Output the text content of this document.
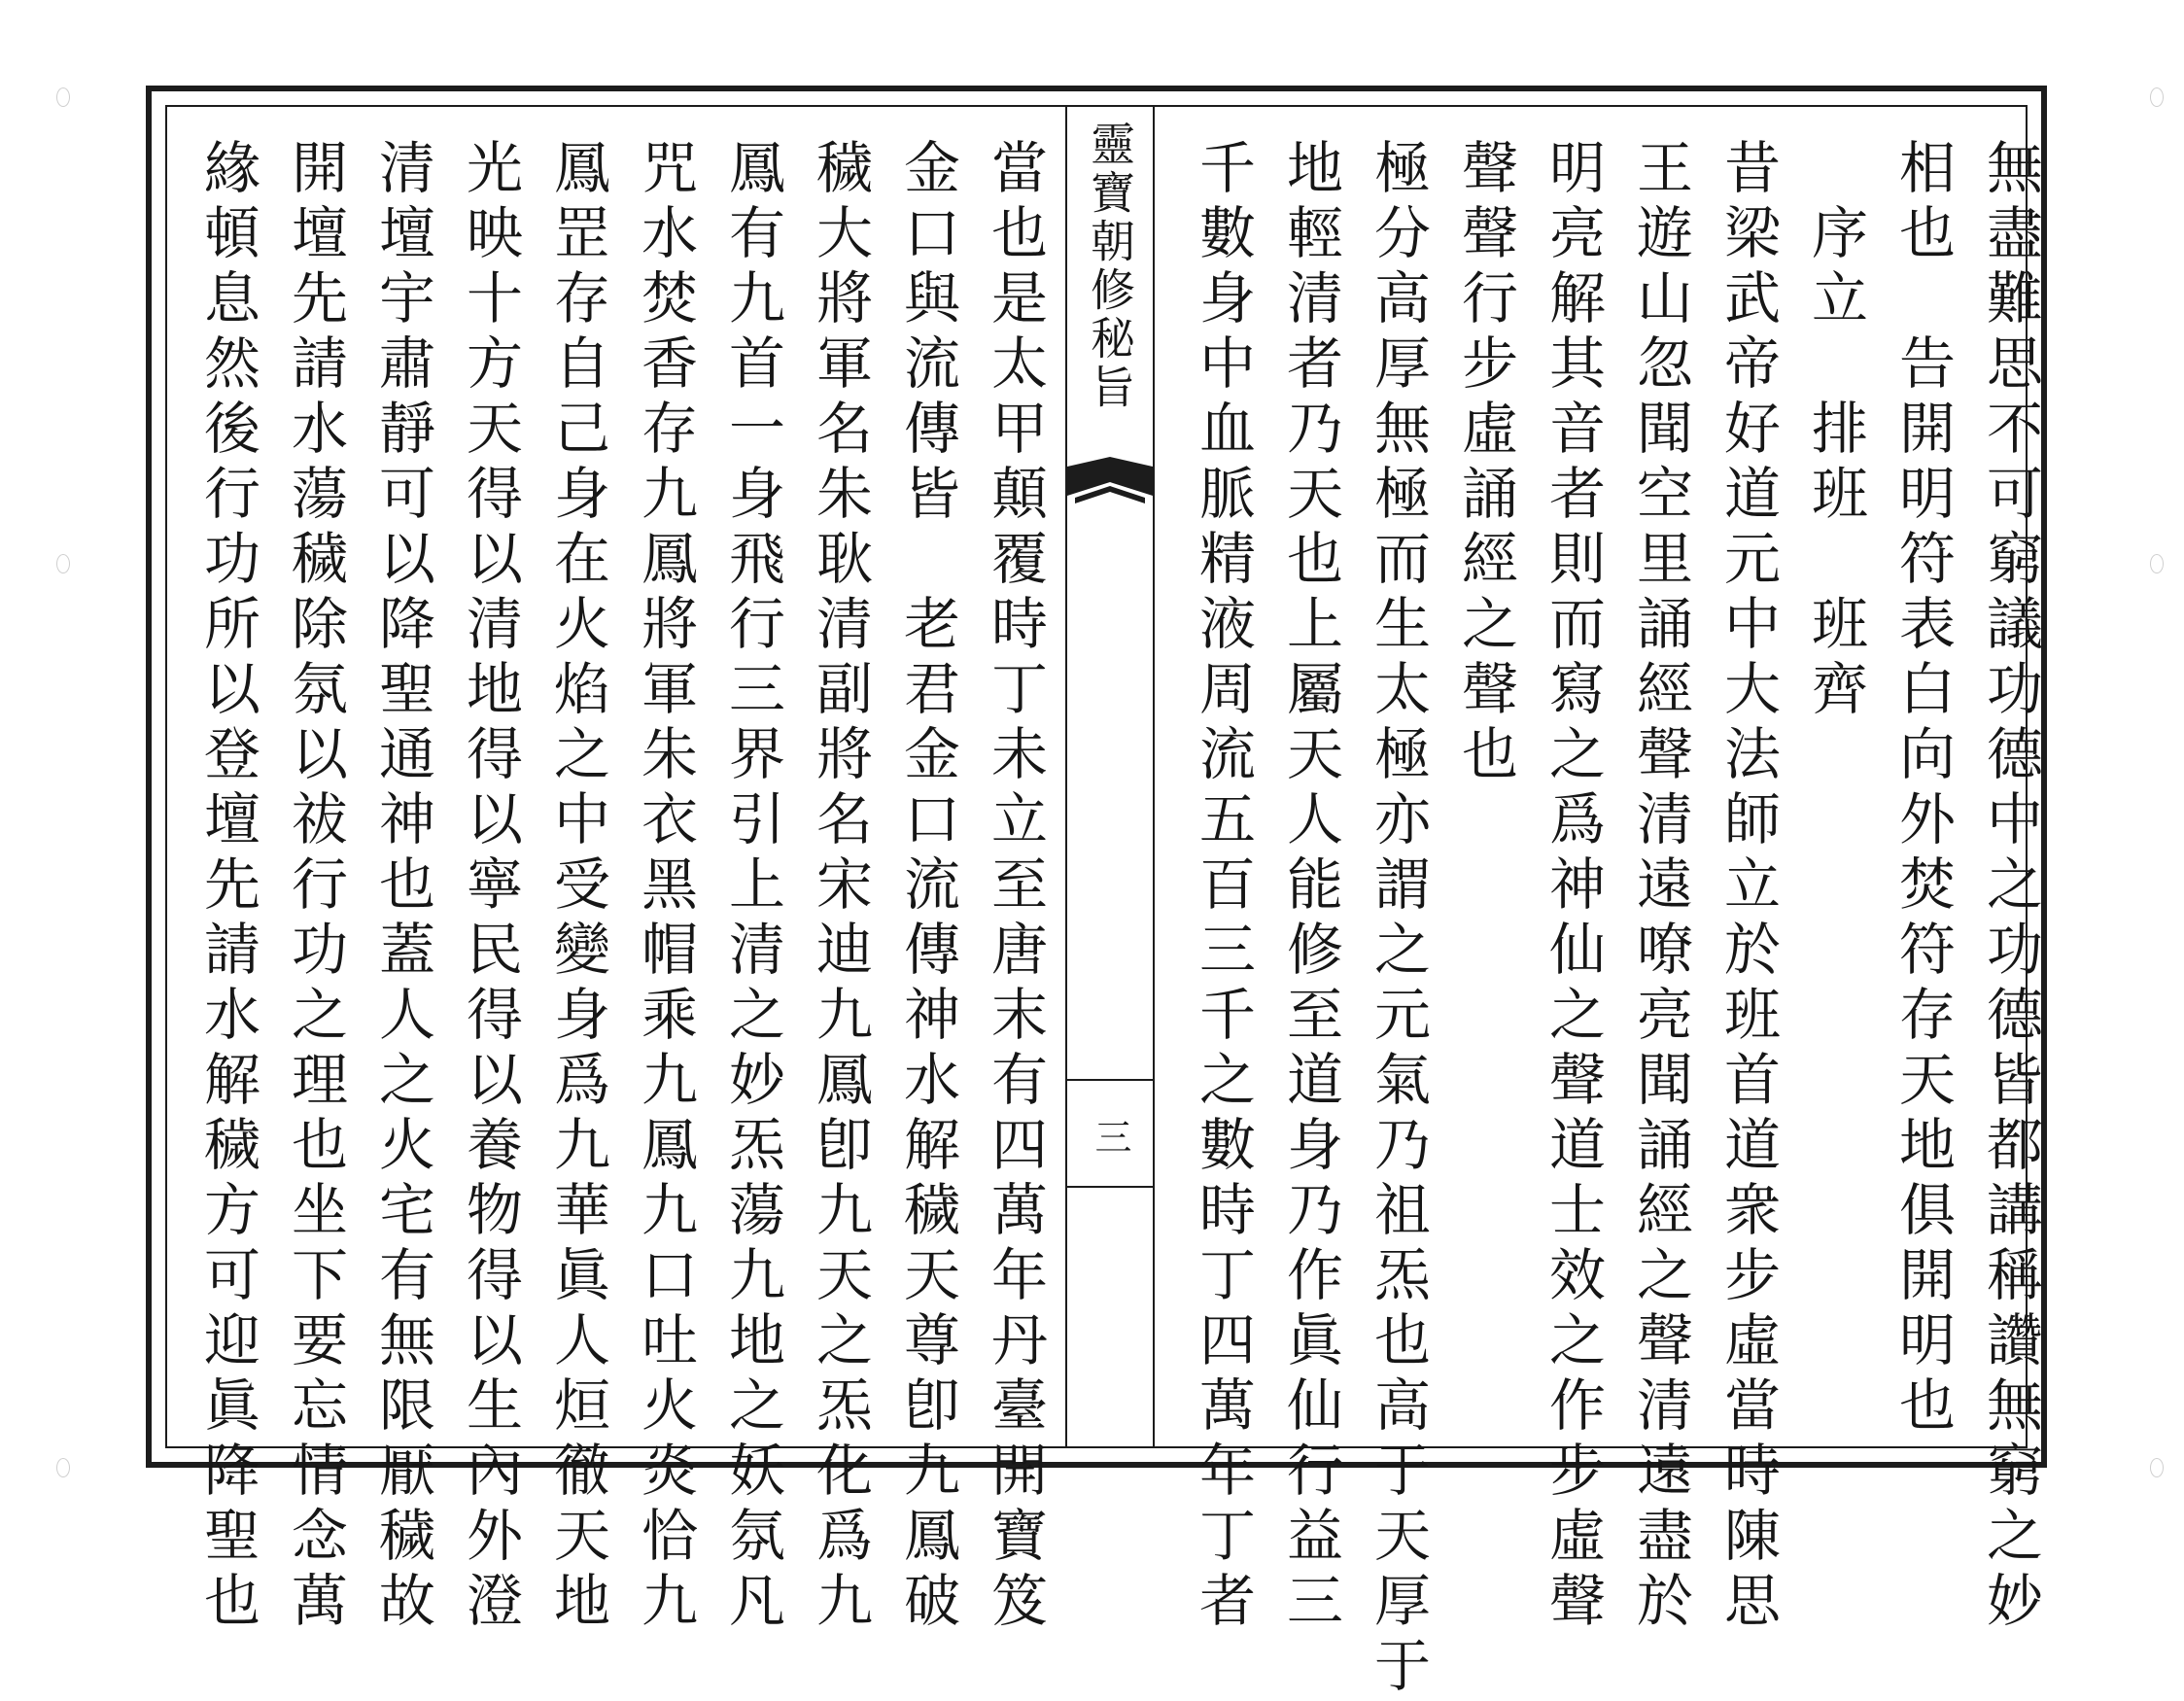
無盡難思不可窮議功德中之功德皆都講稱讚無窮之妙
相也　告開明符表白向外焚符存天地俱開明也
　序立　排班　班齊
昔梁武帝好道元中大法師立於班首道衆步虛當時陳思
王遊山忽聞空里誦經聲清遠嘹亮聞誦經之聲清遠盡於
明亮解其音者則而寫之爲神仙之聲道士效之作步虛聲
聲聲行步虛誦經之聲也
極分高厚無極而生太極亦謂之元氣乃祖炁也高于天厚于
地輕清者乃天也上屬天人能修至道身乃作眞仙行益三
千數身中血脈精液周流五百三千之數時丁四萬年丁者
靈寶朝修秘旨
三
當也是太甲顛覆時丁未立至唐末有四萬年丹臺開寶笈
金口與流傳皆　老君金口流傳神水解穢天尊卽九鳳破
穢大將軍名朱耿清副將名宋迪九鳳卽九天之炁化爲九
鳳有九首一身飛行三界引上清之妙炁蕩九地之妖氛凡
咒水焚香存九鳳將軍朱衣黑帽乘九鳳九口吐火炎恰九
鳳罡存自己身在火焰之中受變身爲九華眞人烜徹天地
光映十方天得以清地得以寧民得以養物得以生內外澄
清壇宇肅靜可以降聖通神也蓋人之火宅有無限厭穢故
開壇先請水蕩穢除氛以祓行功之理也坐下要忘情念萬
緣頓息然後行功所以登壇先請水解穢方可迎眞降聖也
